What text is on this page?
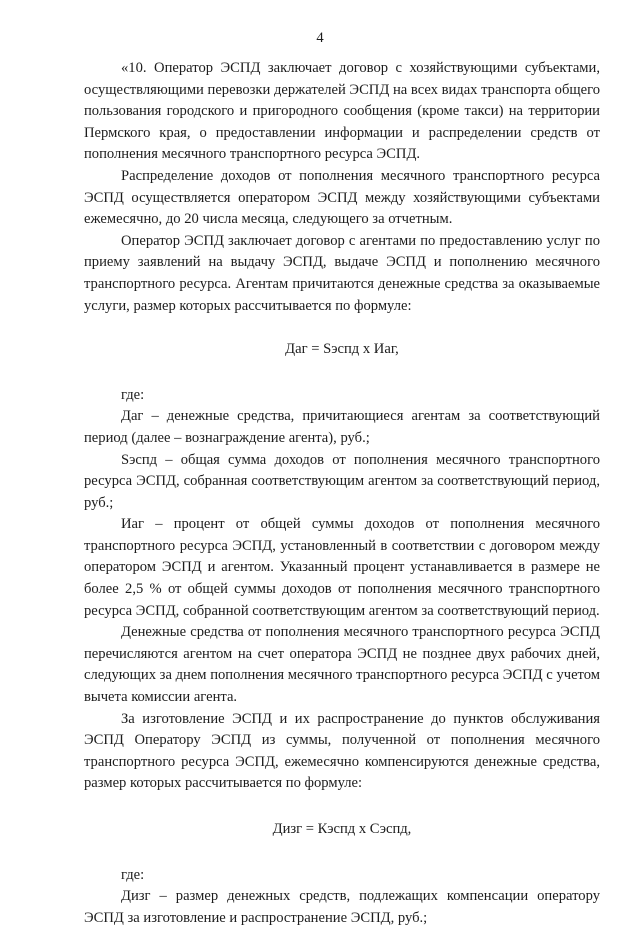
4

«10. Оператор ЭСПД заключает договор с хозяйствующими субъектами, осуществляющими перевозки держателей ЭСПД на всех видах транспорта общего пользования городского и пригородного сообщения (кроме такси) на территории Пермского края, о предоставлении информации и распределении средств от пополнения месячного транспортного ресурса ЭСПД.

Распределение доходов от пополнения месячного транспортного ресурса ЭСПД осуществляется оператором ЭСПД между хозяйствующими субъектами ежемесячно, до 20 числа месяца, следующего за отчетным.

Оператор ЭСПД заключает договор с агентами по предоставлению услуг по приему заявлений на выдачу ЭСПД, выдаче ЭСПД и пополнению месячного транспортного ресурса. Агентам причитаются денежные средства за оказываемые услуги, размер которых рассчитывается по формуле:

Даг = Sэспд х Иаг,

где:

Даг – денежные средства, причитающиеся агентам за соответствующий период (далее – вознаграждение агента), руб.;

Sэспд – общая сумма доходов от пополнения месячного транспортного ресурса ЭСПД, собранная соответствующим агентом за соответствующий период, руб.;

Иаг – процент от общей суммы доходов от пополнения месячного транспортного ресурса ЭСПД, установленный в соответствии с договором между оператором ЭСПД и агентом. Указанный процент устанавливается в размере не более 2,5 % от общей суммы доходов от пополнения месячного транспортного ресурса ЭСПД, собранной соответствующим агентом за соответствующий период.

Денежные средства от пополнения месячного транспортного ресурса ЭСПД перечисляются агентом на счет оператора ЭСПД не позднее двух рабочих дней, следующих за днем пополнения месячного транспортного ресурса ЭСПД с учетом вычета комиссии агента.

За изготовление ЭСПД и их распространение до пунктов обслуживания ЭСПД Оператору ЭСПД из суммы, полученной от пополнения месячного транспортного ресурса ЭСПД, ежемесячно компенсируются денежные средства, размер которых рассчитывается по формуле:

Дизг = Кэспд х Сэспд,

где:

Дизг – размер денежных средств, подлежащих компенсации оператору ЭСПД за изготовление и распространение ЭСПД, руб.;
